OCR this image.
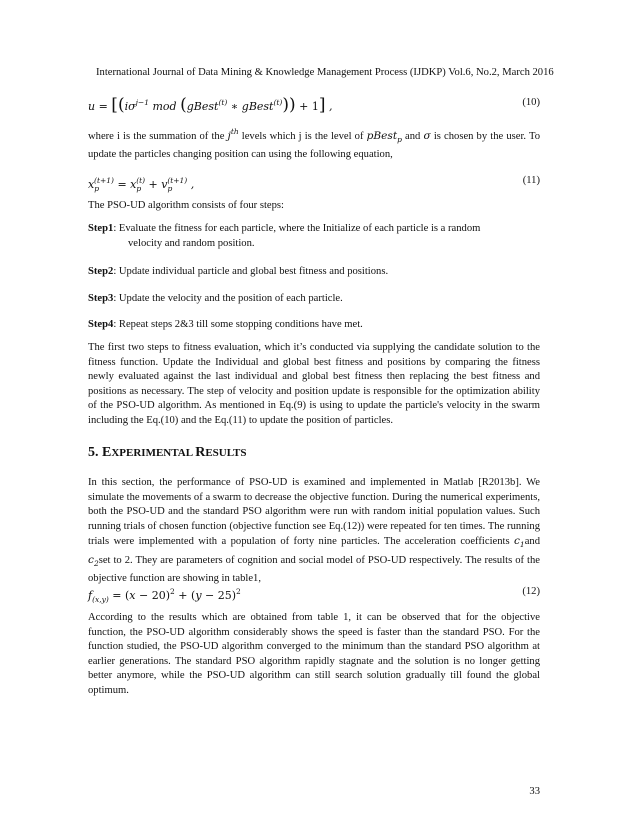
International Journal of Data Mining & Knowledge Management Process (IJDKP) Vol.6, No.2, March 2016
$u = [(i\sigma^{j-1}$ mod (gBest$^{(t)}$ ∗ gBest$^{(t)}$)) + 1] ,	(10)
where i is the summation of the $j^{th}$ levels which j is the level of pBest$_p$ and σ is chosen by the user. To update the particles changing position can using the following equation,
$x_p^{(t+1)} = x_p^{(t)} + v_p^{(t+1)}$ ,	(11)
The PSO-UD algorithm consists of four steps:
Step1: Evaluate the fitness for each particle, where the Initialize of each particle is a random
velocity and random position.
Step2: Update individual particle and global best fitness and positions.
Step3: Update the velocity and the position of each particle.
Step4: Repeat steps 2&3 till some stopping conditions have met.
The first two steps to fitness evaluation, which it’s conducted via supplying the candidate solution to the fitness function. Update the Individual and global best fitness and positions by comparing the fitness newly evaluated against the last individual and global best fitness then replacing the best fitness and positions as necessary. The step of velocity and position update is responsible for the optimization ability of the PSO-UD algorithm. As mentioned in Eq.(9) is using to update the particle's velocity in the swarm including the Eq.(10) and the Eq.(11) to update the position of particles.
5. EXPERIMENTAL RESULTS
In this section, the performance of PSO-UD is examined and implemented in Matlab [R2013b]. We simulate the movements of a swarm to decrease the objective function. During the numerical experiments, both the PSO-UD and the standard PSO algorithm were run with random initial population values. Such running trials of chosen function (objective function see Eq.(12)) were repeated for ten times. The running trials were implemented with a population of forty nine particles. The acceleration coefficients $c_1and$ $c_2set$ to 2. They are parameters of cognition and social model of PSO-UD respectively. The results of the objective function are showing in table1,
$f_{(x,y)} = (x - 20)^2 + (y - 25)^2$	(12)
According to the results which are obtained from table 1, it can be observed that for the objective function, the PSO-UD algorithm considerably shows the speed is faster than the standard PSO. For the function studied, the PSO-UD algorithm converged to the minimum than the standard PSO algorithm at earlier generations. The standard PSO algorithm rapidly stagnate and the solution is no longer getting better anymore, while the PSO-UD algorithm can still search solution gradually till found the global optimum.
33
